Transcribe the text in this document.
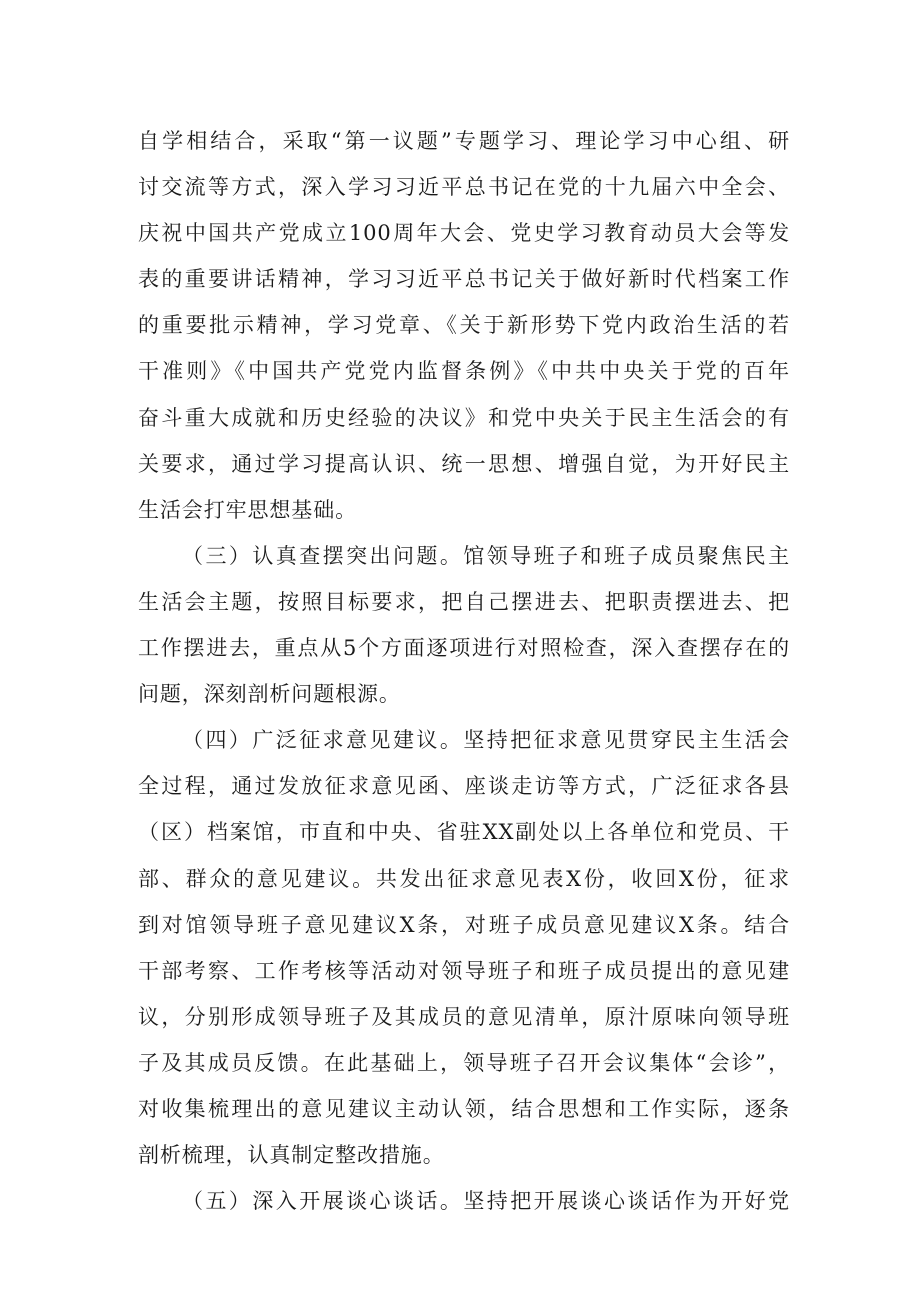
自学相结合，采取“第一议题”专题学习、理论学习中心组、研
讨交流等方式，深入学习习近平总书记在党的十九届六中全会、
庆祝中国共产党成立100周年大会、党史学习教育动员大会等发
表的重要讲话精神，学习习近平总书记关于做好新时代档案工作
的重要批示精神，学习党章、《关于新形势下党内政治生活的若
干准则》《中国共产党党内监督条例》《中共中央关于党的百年
奋斗重大成就和历史经验的决议》和党中央关于民主生活会的有
关要求，通过学习提高认识、统一思想、增强自觉，为开好民主
生活会打牢思想基础。
（三）认真查摆突出问题。馆领导班子和班子成员聚焦民主
生活会主题，按照目标要求，把自己摆进去、把职责摆进去、把
工作摆进去，重点从5个方面逐项进行对照检查，深入查摆存在的
问题，深刻剖析问题根源。
（四）广泛征求意见建议。坚持把征求意见贯穿民主生活会
全过程，通过发放征求意见函、座谈走访等方式，广泛征求各县
（区）档案馆，市直和中央、省驻XX副处以上各单位和党员、干
部、群众的意见建议。共发出征求意见表X份，收回X份，征求
到对馆领导班子意见建议X条，对班子成员意见建议X条。结合
干部考察、工作考核等活动对领导班子和班子成员提出的意见建
议，分别形成领导班子及其成员的意见清单，原汁原味向领导班
子及其成员反馈。在此基础上，领导班子召开会议集体“会诊”，
对收集梳理出的意见建议主动认领，结合思想和工作实际，逐条
剖析梳理，认真制定整改措施。
（五）深入开展谈心谈话。坚持把开展谈心谈话作为开好党
